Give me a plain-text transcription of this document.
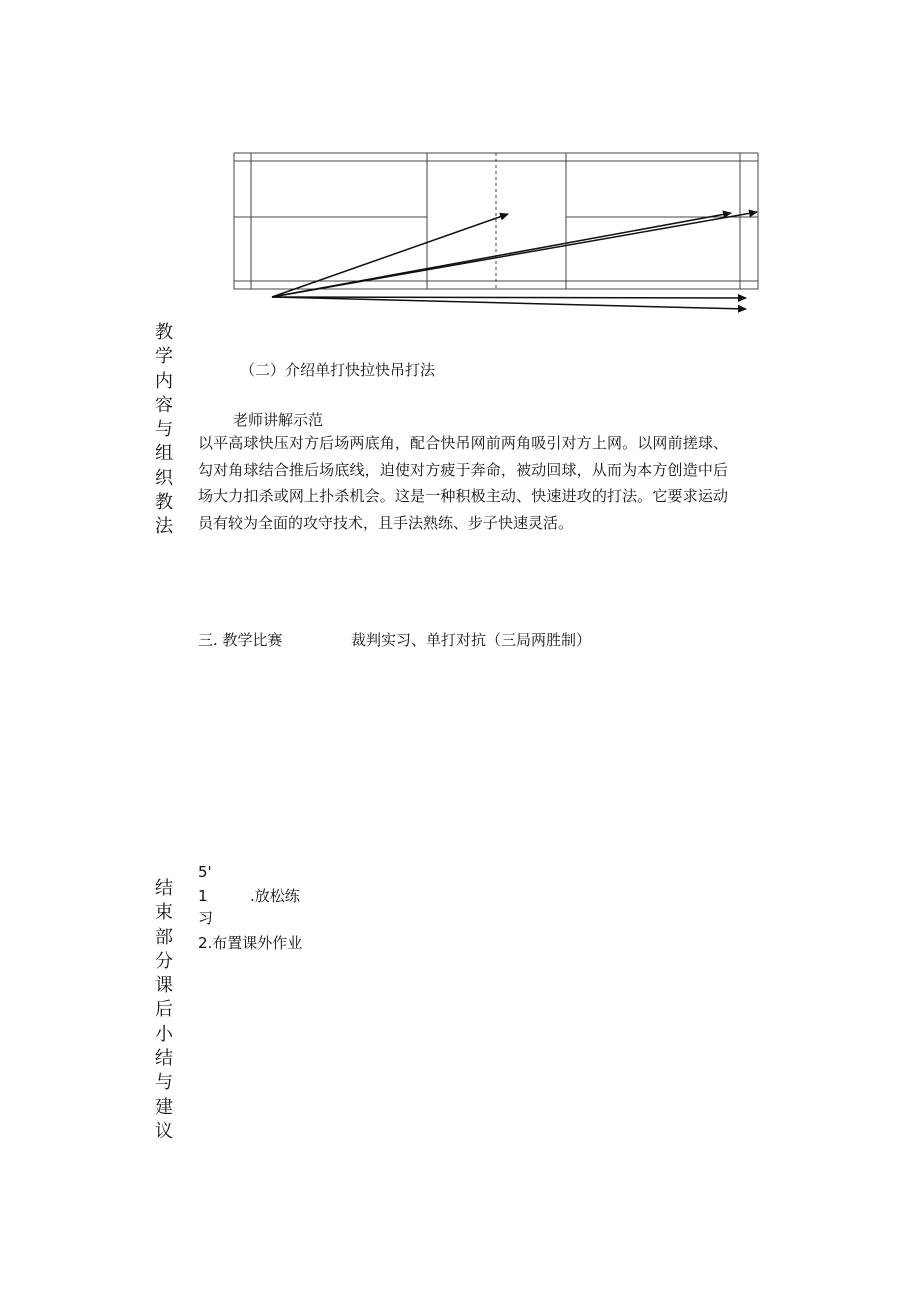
教学内容与组织教法
结束部分课后小结与建议
（二）介绍单打快拉快吊打法
老师讲解示范
以平高球快压对方后场两底角，配合快吊网前两角吸引对方上网。以网前搓球、勾对角球结合推后场底线，迫使对方疲于奔命，被动回球，从而为本方创造中后场大力扣杀或网上扑杀机会。这是一种积极主动、快速进攻的打法。它要求运动员有较为全面的攻守技术，且手法熟练、步子快速灵活。
三. 教学比赛	裁判实习、单打对抗（三局两胜制）
5'
1	.放松练
习
2.布置课外作业
